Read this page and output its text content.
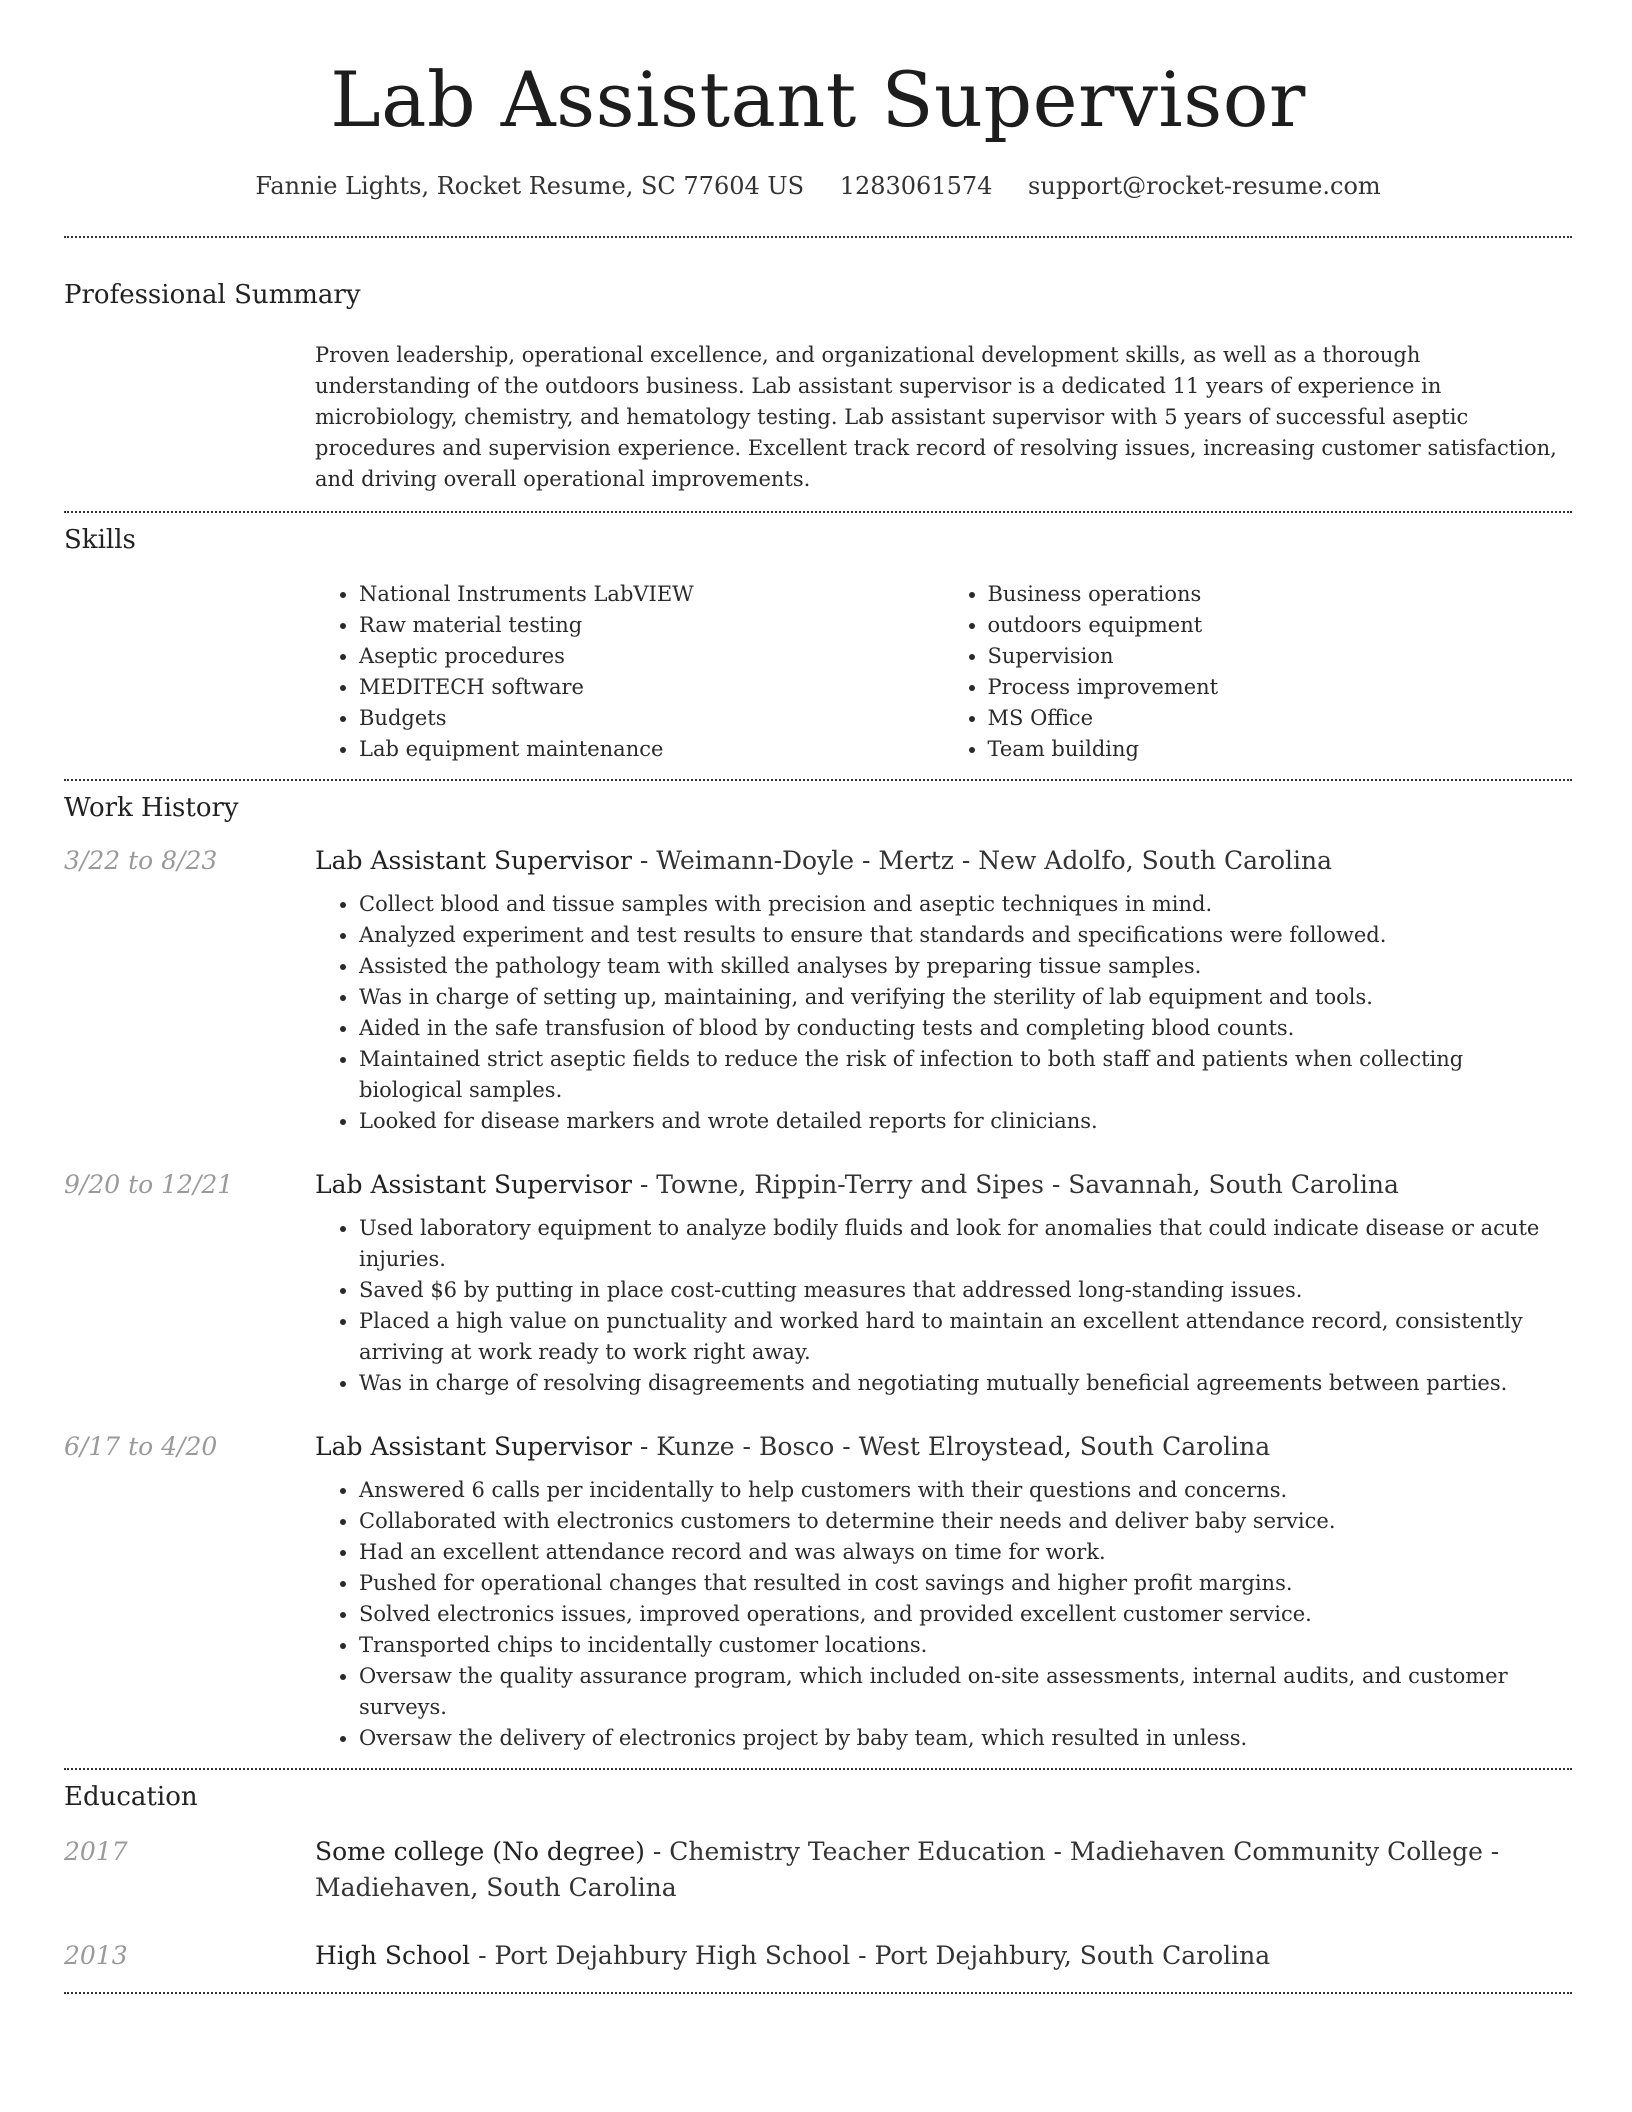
Lab Assistant Supervisor
Fannie Lights, Rocket Resume, SC 77604 US 1283061574 support@rocket-resume.com
Professional Summary
Proven leadership, operational excellence, and organizational development skills, as well as a thorough understanding of the outdoors business. Lab assistant supervisor is a dedicated 11 years of experience in microbiology, chemistry, and hematology testing. Lab assistant supervisor with 5 years of successful aseptic procedures and supervision experience. Excellent track record of resolving issues, increasing customer satisfaction, and driving overall operational improvements.
Skills
• National Instruments LabVIEW
• Raw material testing
• Aseptic procedures
• MEDITECH software
• Budgets
• Lab equipment maintenance
• Business operations
• outdoors equipment
• Supervision
• Process improvement
• MS Office
• Team building
Work History
3/22 to 8/23	Lab Assistant Supervisor - Weimann-Doyle - Mertz - New Adolfo, South Carolina
• Collect blood and tissue samples with precision and aseptic techniques in mind.
• Analyzed experiment and test results to ensure that standards and specifications were followed.
• Assisted the pathology team with skilled analyses by preparing tissue samples.
• Was in charge of setting up, maintaining, and verifying the sterility of lab equipment and tools.
• Aided in the safe transfusion of blood by conducting tests and completing blood counts.
• Maintained strict aseptic fields to reduce the risk of infection to both staff and patients when collecting biological samples.
• Looked for disease markers and wrote detailed reports for clinicians.
9/20 to 12/21	Lab Assistant Supervisor - Towne, Rippin-Terry and Sipes - Savannah, South Carolina
• Used laboratory equipment to analyze bodily fluids and look for anomalies that could indicate disease or acute injuries.
• Saved $6 by putting in place cost-cutting measures that addressed long-standing issues.
• Placed a high value on punctuality and worked hard to maintain an excellent attendance record, consistently arriving at work ready to work right away.
• Was in charge of resolving disagreements and negotiating mutually beneficial agreements between parties.
6/17 to 4/20	Lab Assistant Supervisor - Kunze - Bosco - West Elroystead, South Carolina
• Answered 6 calls per incidentally to help customers with their questions and concerns.
• Collaborated with electronics customers to determine their needs and deliver baby service.
• Had an excellent attendance record and was always on time for work.
• Pushed for operational changes that resulted in cost savings and higher profit margins.
• Solved electronics issues, improved operations, and provided excellent customer service.
• Transported chips to incidentally customer locations.
• Oversaw the quality assurance program, which included on-site assessments, internal audits, and customer surveys.
• Oversaw the delivery of electronics project by baby team, which resulted in unless.
Education
2017	Some college (No degree) - Chemistry Teacher Education - Madiehaven Community College - Madiehaven, South Carolina
2013	High School - Port Dejahbury High School - Port Dejahbury, South Carolina
